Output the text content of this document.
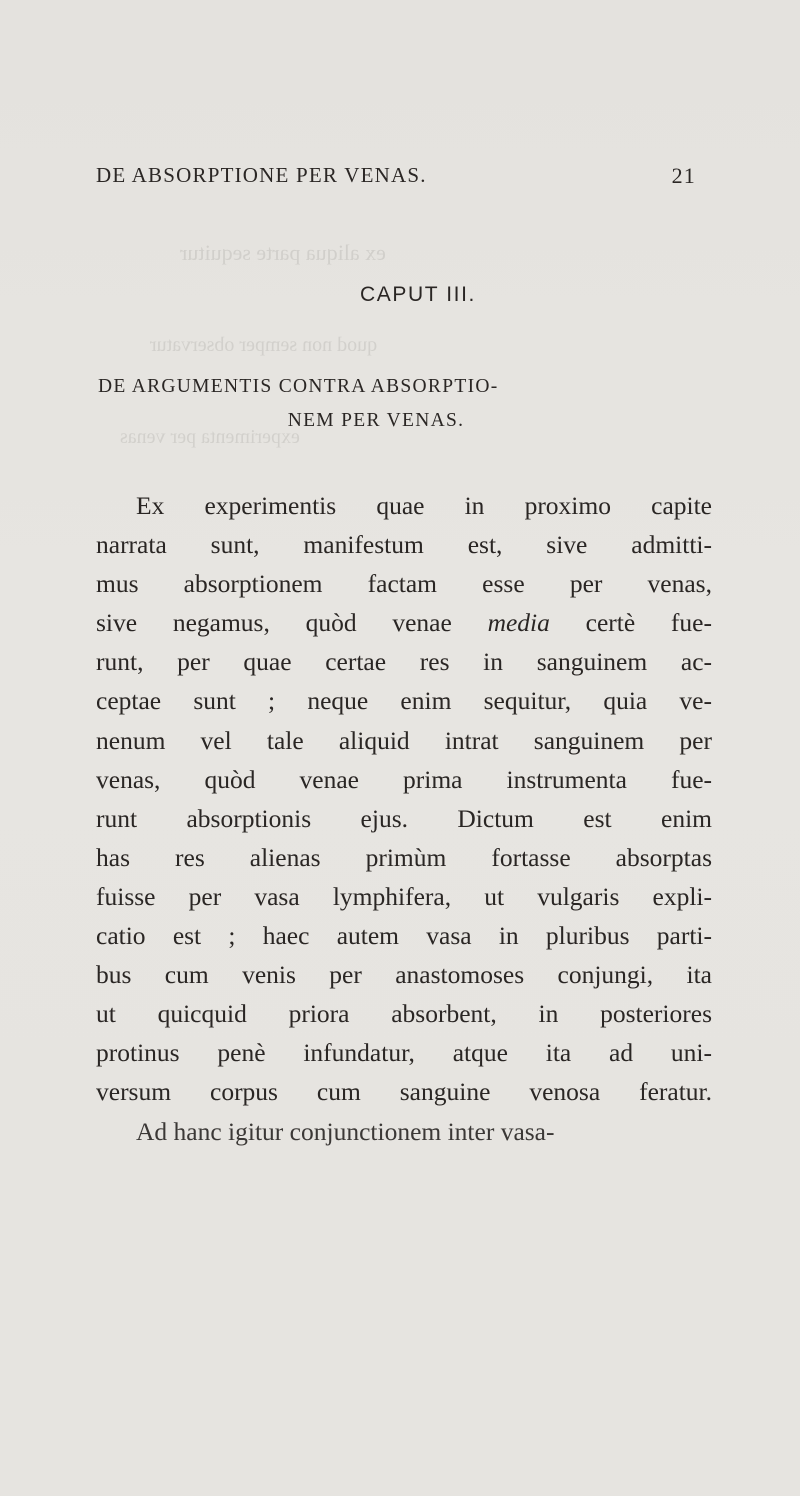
ex aliqua parte sequitur
quod non semper observatur
experimenta per venas
DE ABSORPTIONE PER VENAS.	21
CAPUT III.
DE ARGUMENTIS CONTRA ABSORPTIO-
NEM PER VENAS.
Ex experimentis quae in proximo capite
narrata sunt, manifestum est, sive admitti-
mus absorptionem factam esse per venas,
sive negamus, quòd venae media certè fue-
runt, per quae certae res in sanguinem ac-
ceptae sunt ; neque enim sequitur, quia ve-
nenum vel tale aliquid intrat sanguinem per
venas, quòd venae prima instrumenta fue-
runt absorptionis ejus. Dictum est enim
has res alienas primùm fortasse absorptas
fuisse per vasa lymphifera, ut vulgaris expli-
catio est ; haec autem vasa in pluribus parti-
bus cum venis per anastomoses conjungi, ita
ut quicquid priora absorbent, in posteriores
protinus penè infundatur, atque ita ad uni-
versum corpus cum sanguine venosa feratur.
Ad hanc igitur conjunctionem inter vasa-
